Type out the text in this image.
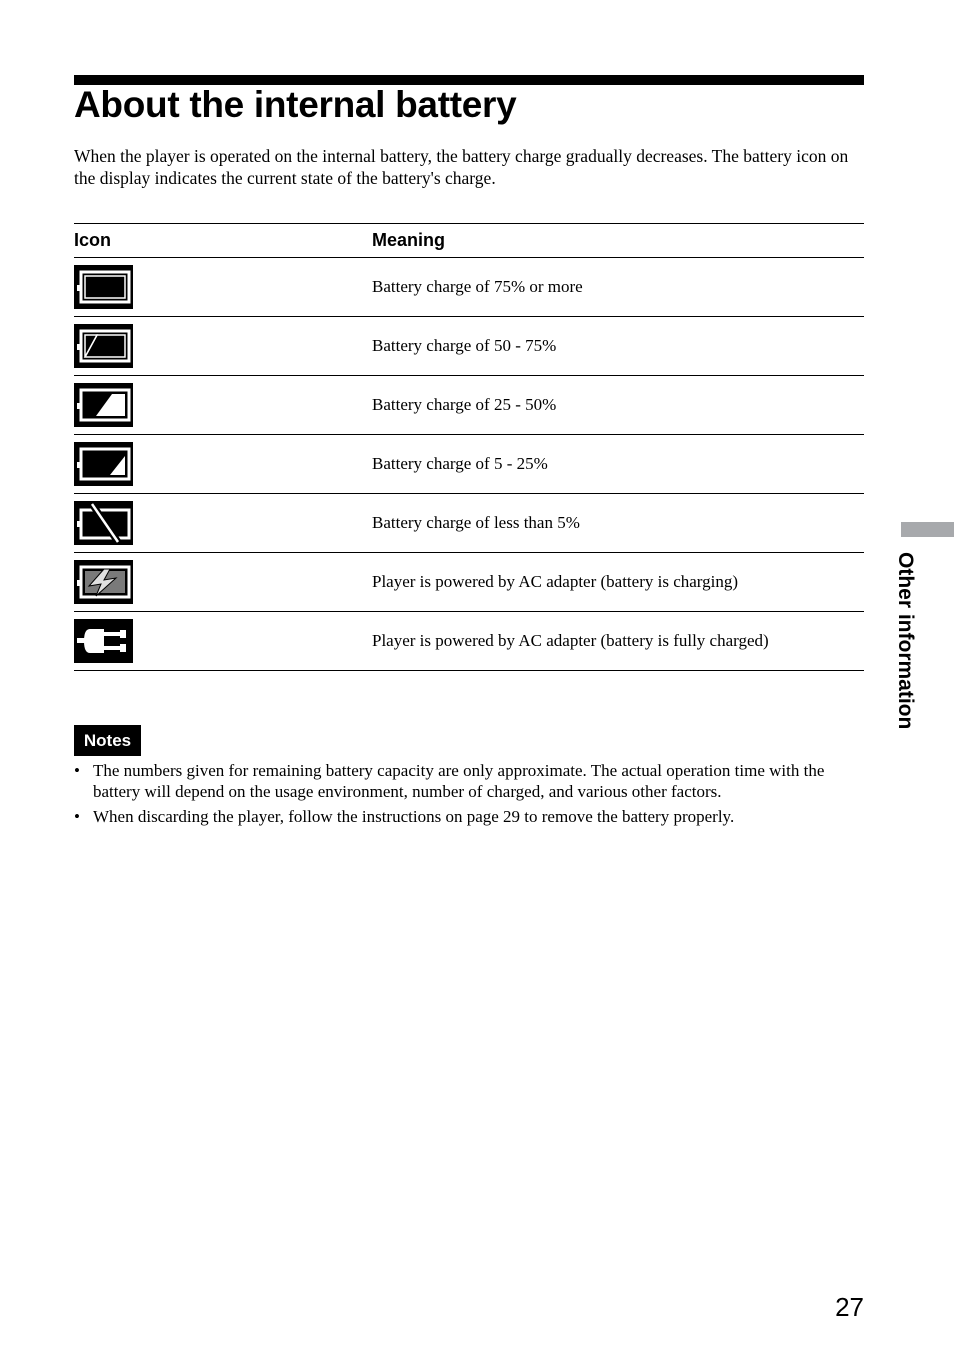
About the internal battery

When the player is operated on the internal battery, the battery charge gradually decreases. The battery icon on the display indicates the current state of the battery's charge.

Icon	Meaning

	Battery charge of 75% or more

	Battery charge of 50 - 75%

	Battery charge of 25 - 50%

	Battery charge of 5 - 25%

	Battery charge of less than 5%

	Player is powered by AC adapter (battery is charging)

	Player is powered by AC adapter (battery is fully charged)
Notes
• The numbers given for remaining battery capacity are only approximate. The actual operation time with the battery will depend on the usage environment, number of charged, and various other factors.
• When discarding the player, follow the instructions on page 29 to remove the battery properly.
Other information
27
